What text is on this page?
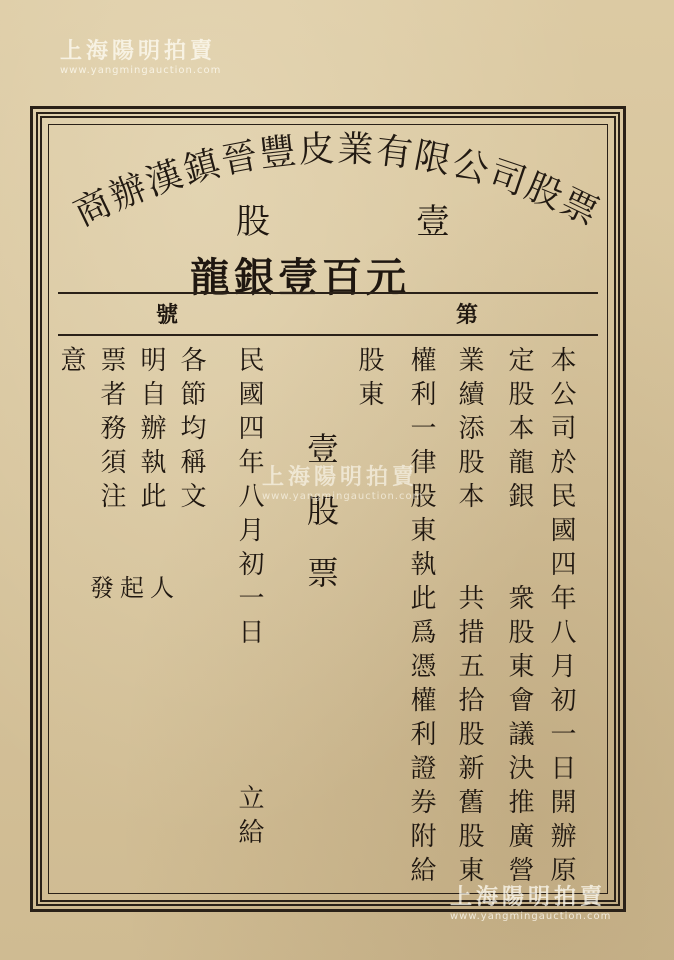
上海陽明拍賣
www.yangmingauction.com
商辦漢鎮晉豐皮業有限公司股票
壹
股
龍銀壹百元
第
號
本公司於民國四年八月初一日開辦原
定股本龍銀　　衆股東會議決推廣營
業續添股本　　共措五拾股新舊股東
權利一律股東執此爲憑權利證券附給
股東
壹股票
民國四年八月初一日
立給
各節均稱文
明自辦執此
票者務須注
意
發起人
上海陽明拍賣
www.yangmingauction.com
上海陽明拍賣
www.yangmingauction.com
